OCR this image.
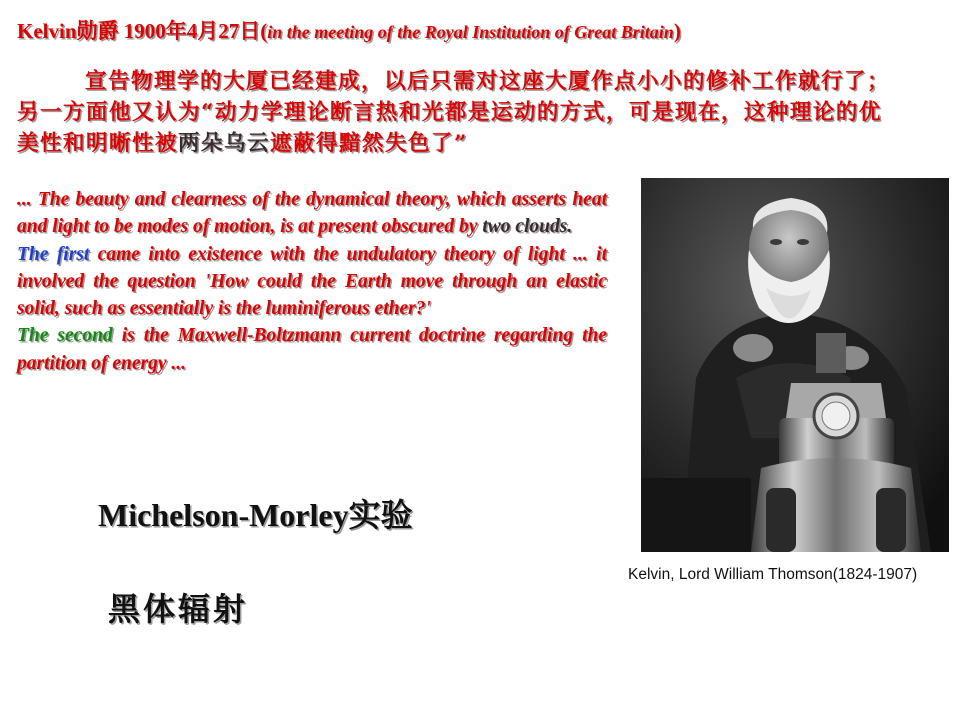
Kelvin勋爵 1900年4月27日(in the meeting of the Royal Institution of Great Britain)
宣告物理学的大厦已经建成，以后只需对这座大厦作点小小的修补工作就行了；另一方面他又认为“动力学理论断言热和光都是运动的方式，可是现在，这种理论的优美性和明晰性被两朵乌云遮蔽得黯然失色了”
... The beauty and clearness of the dynamical theory, which asserts heat and light to be modes of motion, is at present obscured by two clouds.
The first came into existence with the undulatory theory of light ... it involved the question 'How could the Earth move through an elastic solid, such as essentially is the luminiferous ether?'
The second is the Maxwell-Boltzmann current doctrine regarding the partition of energy ...
Michelson-Morley实验
黑体辐射
Kelvin, Lord William Thomson(1824-1907)
